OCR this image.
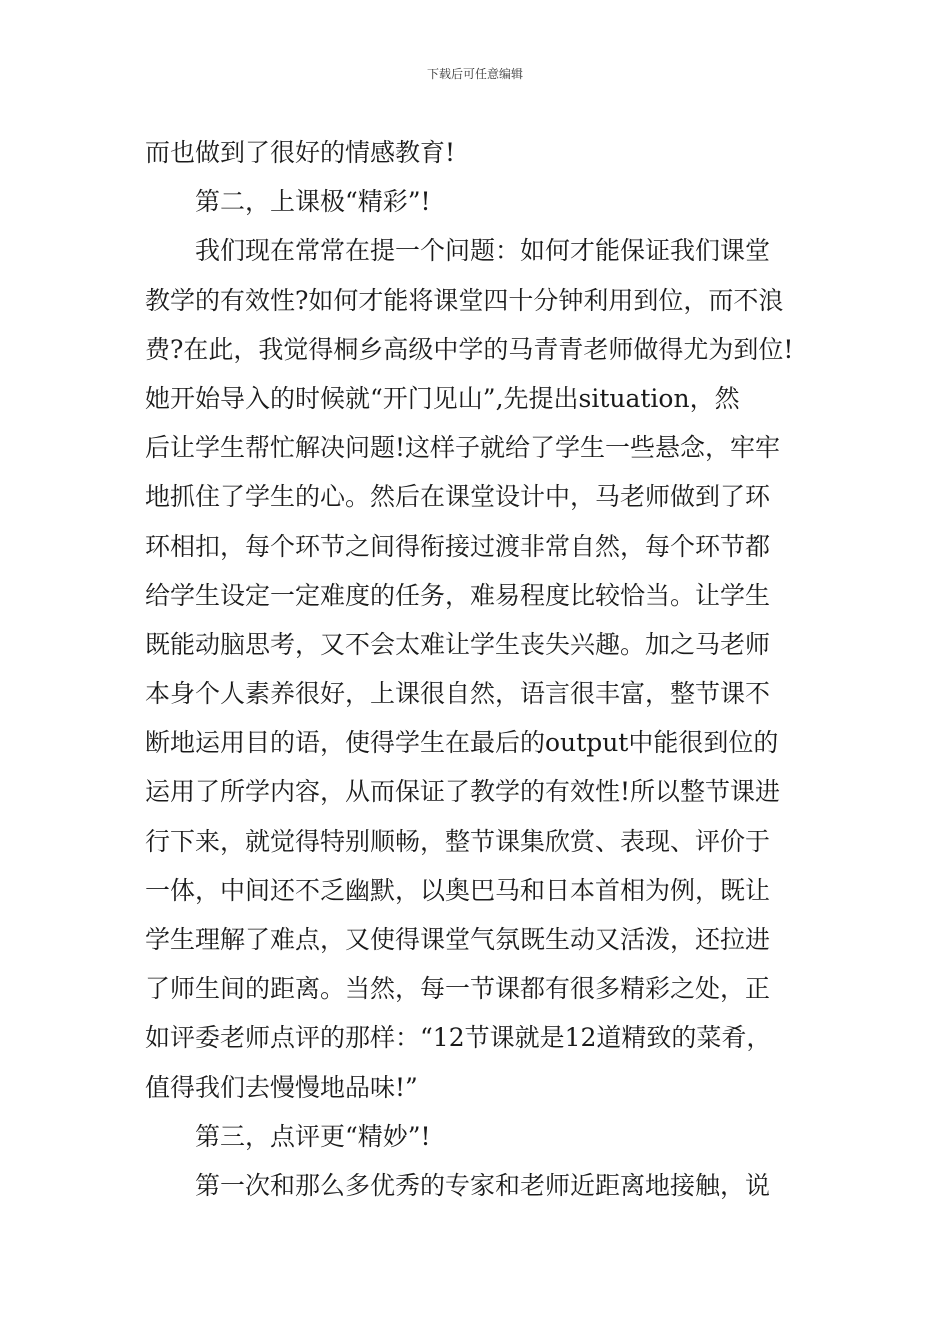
下载后可任意编辑
而也做到了很好的情感教育!
第二，上课极“精彩”!
我们现在常常在提一个问题：如何才能保证我们课堂
教学的有效性?如何才能将课堂四十分钟利用到位，而不浪
费?在此，我觉得桐乡高级中学的马青青老师做得尤为到位!
她开始导入的时候就“开门见山”,先提出situation，然
后让学生帮忙解决问题!这样子就给了学生一些悬念，牢牢
地抓住了学生的心。然后在课堂设计中，马老师做到了环
环相扣，每个环节之间得衔接过渡非常自然，每个环节都
给学生设定一定难度的任务，难易程度比较恰当。让学生
既能动脑思考，又不会太难让学生丧失兴趣。加之马老师
本身个人素养很好，上课很自然，语言很丰富，整节课不
断地运用目的语，使得学生在最后的output中能很到位的
运用了所学内容，从而保证了教学的有效性!所以整节课进
行下来，就觉得特别顺畅，整节课集欣赏、表现、评价于
一体，中间还不乏幽默，以奥巴马和日本首相为例，既让
学生理解了难点，又使得课堂气氛既生动又活泼，还拉进
了师生间的距离。当然，每一节课都有很多精彩之处，正
如评委老师点评的那样：“12节课就是12道精致的菜肴，
值得我们去慢慢地品味!”
第三，点评更“精妙”!
第一次和那么多优秀的专家和老师近距离地接触，说
